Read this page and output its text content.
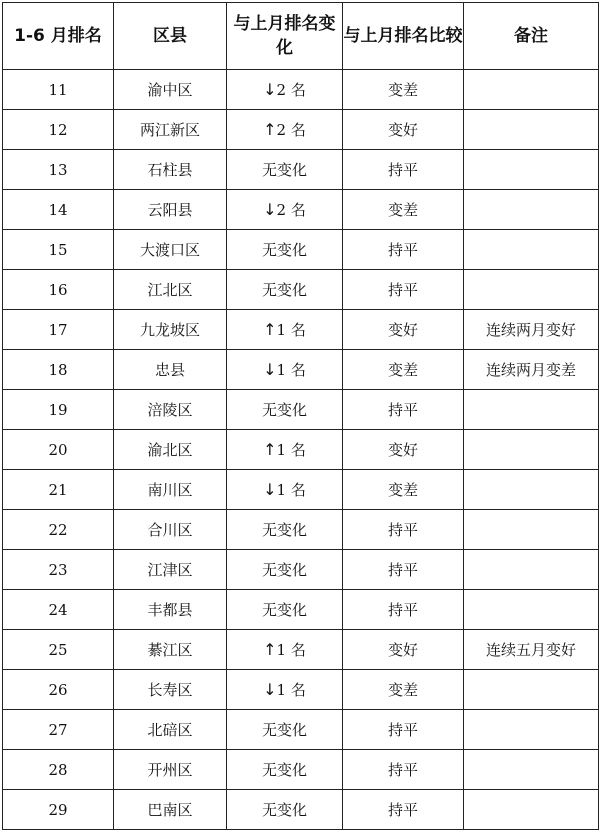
1-6 月排名	区县	与上月排名变化	与上月排名比较	备注
11	渝中区	↓2 名	变差	
12	两江新区	↑2 名	变好	
13	石柱县	无变化	持平	
14	云阳县	↓2 名	变差	
15	大渡口区	无变化	持平	
16	江北区	无变化	持平	
17	九龙坡区	↑1 名	变好	连续两月变好
18	忠县	↓1 名	变差	连续两月变差
19	涪陵区	无变化	持平	
20	渝北区	↑1 名	变好	
21	南川区	↓1 名	变差	
22	合川区	无变化	持平	
23	江津区	无变化	持平	
24	丰都县	无变化	持平	
25	綦江区	↑1 名	变好	连续五月变好
26	长寿区	↓1 名	变差	
27	北碚区	无变化	持平	
28	开州区	无变化	持平	
29	巴南区	无变化	持平	
